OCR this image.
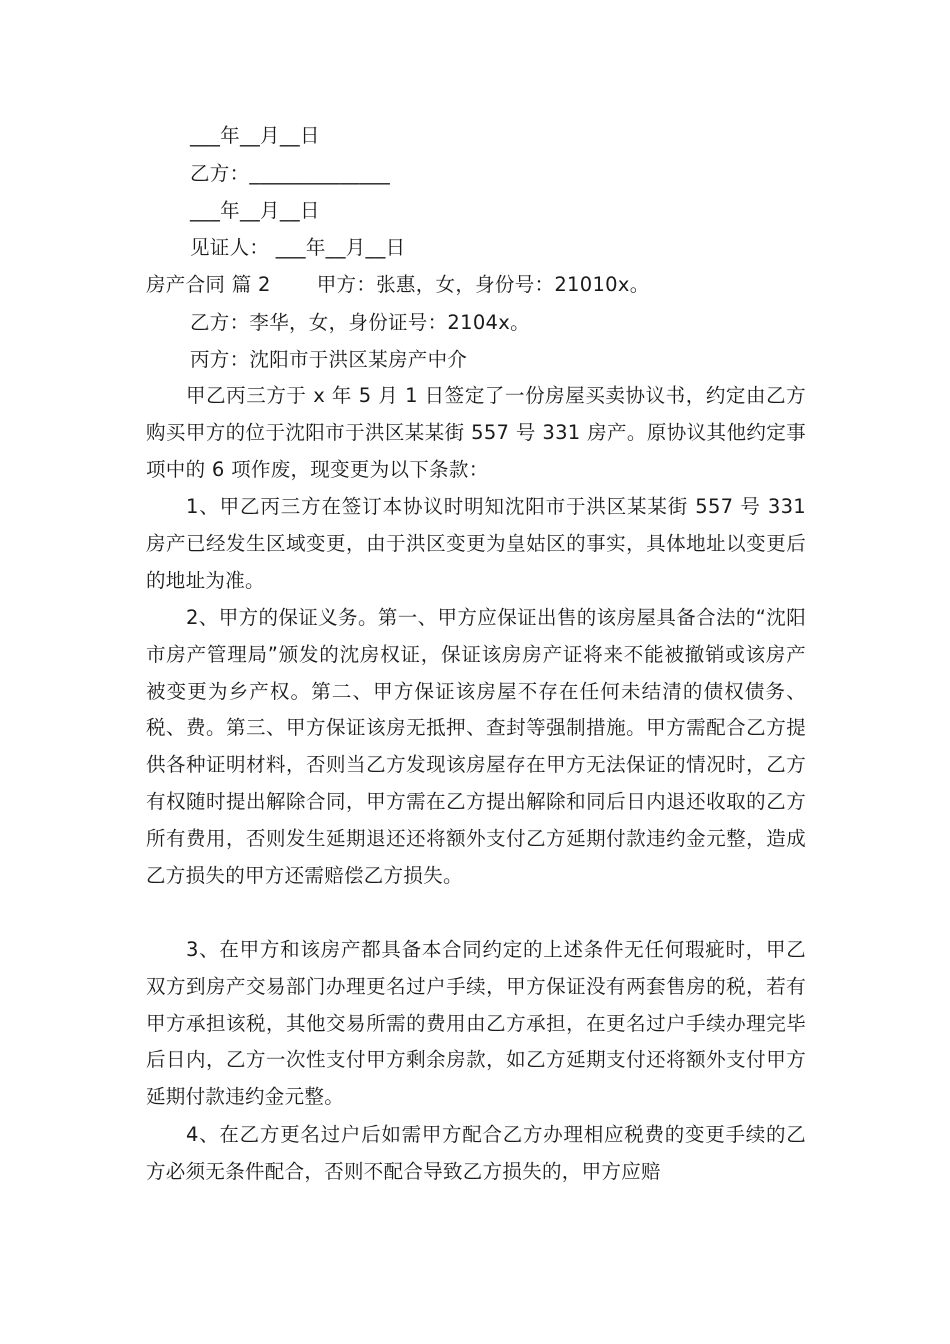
___年__月__日
乙方：______________
___年__月__日
见证人： ___年__月__日
房产合同 篇 2 甲方：张惠，女，身份号：21010x。
乙方：李华，女，身份证号：2104x。
丙方：沈阳市于洪区某房产中介
甲乙丙三方于 x 年 5 月 1 日签定了一份房屋买卖协议书，约定由乙方购买甲方的位于沈阳市于洪区某某街 557 号 331 房产。原协议其他约定事项中的 6 项作废，现变更为以下条款：
1、甲乙丙三方在签订本协议时明知沈阳市于洪区某某街 557 号 331 房产已经发生区域变更，由于洪区变更为皇姑区的事实，具体地址以变更后的地址为准。
2、甲方的保证义务。第一、甲方应保证出售的该房屋具备合法的“沈阳市房产管理局”颁发的沈房权证，保证该房房产证将来不能被撤销或该房产被变更为乡产权。第二、甲方保证该房屋不存在任何未结清的债权债务、税、费。第三、甲方保证该房无抵押、查封等强制措施。甲方需配合乙方提供各种证明材料，否则当乙方发现该房屋存在甲方无法保证的情况时，乙方有权随时提出解除合同，甲方需在乙方提出解除和同后日内退还收取的乙方所有费用，否则发生延期退还还将额外支付乙方延期付款违约金元整，造成乙方损失的甲方还需赔偿乙方损失。
3、在甲方和该房产都具备本合同约定的上述条件无任何瑕疵时，甲乙双方到房产交易部门办理更名过户手续，甲方保证没有两套售房的税，若有甲方承担该税，其他交易所需的费用由乙方承担，在更名过户手续办理完毕后日内，乙方一次性支付甲方剩余房款，如乙方延期支付还将额外支付甲方延期付款违约金元整。
4、在乙方更名过户后如需甲方配合乙方办理相应税费的变更手续的乙方必须无条件配合，否则不配合导致乙方损失的，甲方应赔
